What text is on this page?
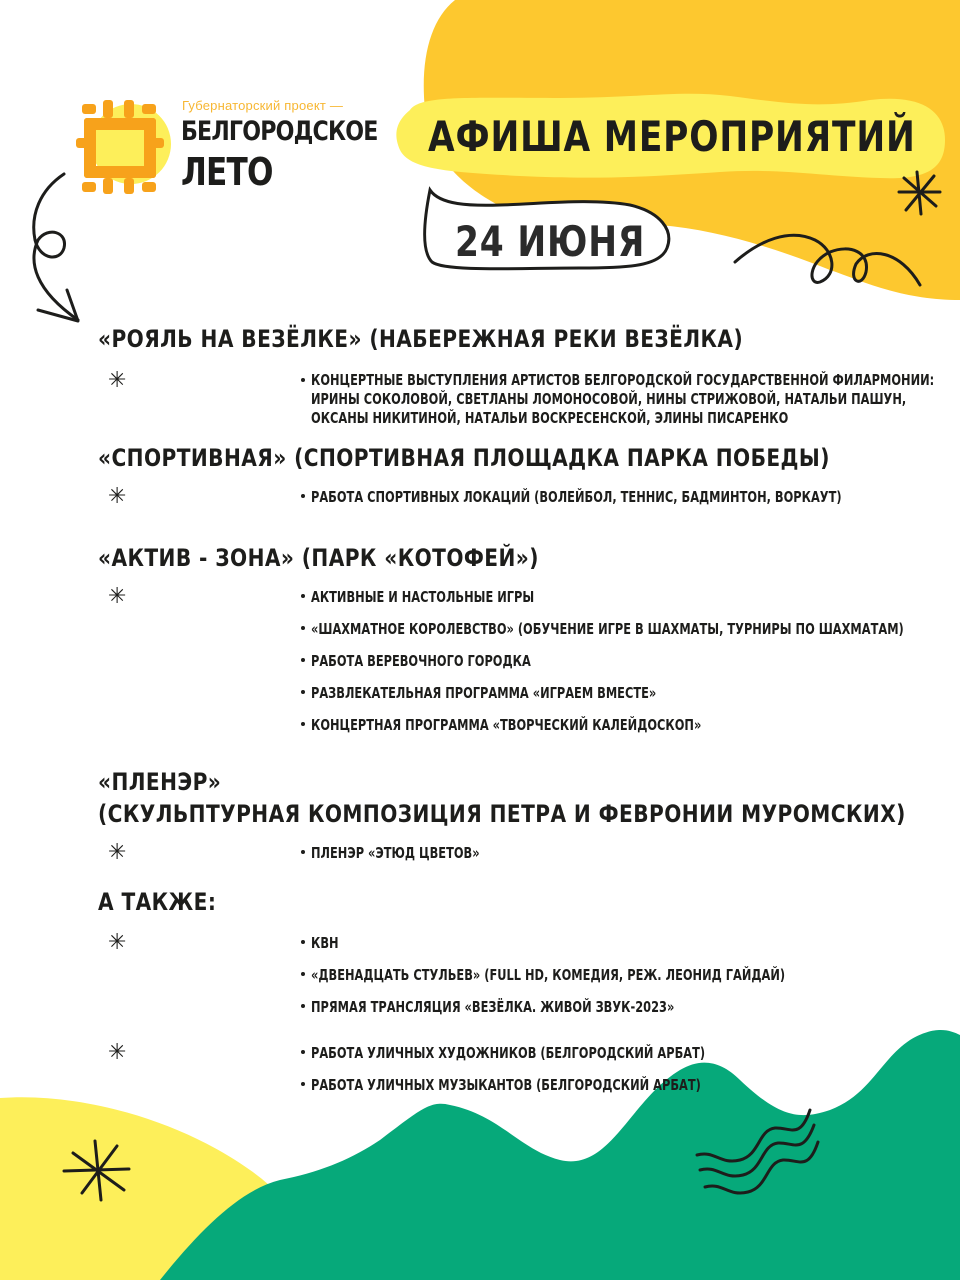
Губернаторский проект —
БЕЛГОРОДСКОЕ
ЛЕТО
АФИША МЕРОПРИЯТИЙ
24 ИЮНЯ
«РОЯЛЬ НА ВЕЗЁЛКЕ» (НАБЕРЕЖНАЯ РЕКИ ВЕЗЁЛКА)
✳	КОНЦЕРТНЫЕ ВЫСТУПЛЕНИЯ АРТИСТОВ БЕЛГОРОДСКОЙ ГОСУДАРСТВЕННОЙ ФИЛАРМОНИИ:
ИРИНЫ СОКОЛОВОЙ, СВЕТЛАНЫ ЛОМОНОСОВОЙ, НИНЫ СТРИЖОВОЙ, НАТАЛЬИ ПАШУН,
ОКСАНЫ НИКИТИНОЙ, НАТАЛЬИ ВОСКРЕСЕНСКОЙ, ЭЛИНЫ ПИСАРЕНКО
«СПОРТИВНАЯ» (СПОРТИВНАЯ ПЛОЩАДКА ПАРКА ПОБЕДЫ)
✳	РАБОТА СПОРТИВНЫХ ЛОКАЦИЙ (ВОЛЕЙБОЛ, ТЕННИС, БАДМИНТОН, ВОРКАУТ)
«АКТИВ - ЗОНА» (ПАРК «КОТОФЕЙ»)
✳	АКТИВНЫЕ И НАСТОЛЬНЫЕ ИГРЫ
«ШАХМАТНОЕ КОРОЛЕВСТВО» (ОБУЧЕНИЕ ИГРЕ В ШАХМАТЫ, ТУРНИРЫ ПО ШАХМАТАМ)
РАБОТА ВЕРЕВОЧНОГО ГОРОДКА
РАЗВЛЕКАТЕЛЬНАЯ ПРОГРАММА «ИГРАЕМ ВМЕСТЕ»
КОНЦЕРТНАЯ ПРОГРАММА «ТВОРЧЕСКИЙ КАЛЕЙДОСКОП»
«ПЛЕНЭР»
(СКУЛЬПТУРНАЯ КОМПОЗИЦИЯ ПЕТРА И ФЕВРОНИИ МУРОМСКИХ)
✳	ПЛЕНЭР «ЭТЮД ЦВЕТОВ»
А ТАКЖЕ:
✳	КВН
«ДВЕНАДЦАТЬ СТУЛЬЕВ» (FULL HD, КОМЕДИЯ, РЕЖ. ЛЕОНИД ГАЙДАЙ)
ПРЯМАЯ ТРАНСЛЯЦИЯ «ВЕЗЁЛКА. ЖИВОЙ ЗВУК-2023»
✳	РАБОТА УЛИЧНЫХ ХУДОЖНИКОВ (БЕЛГОРОДСКИЙ АРБАТ)
РАБОТА УЛИЧНЫХ МУЗЫКАНТОВ (БЕЛГОРОДСКИЙ АРБАТ)
